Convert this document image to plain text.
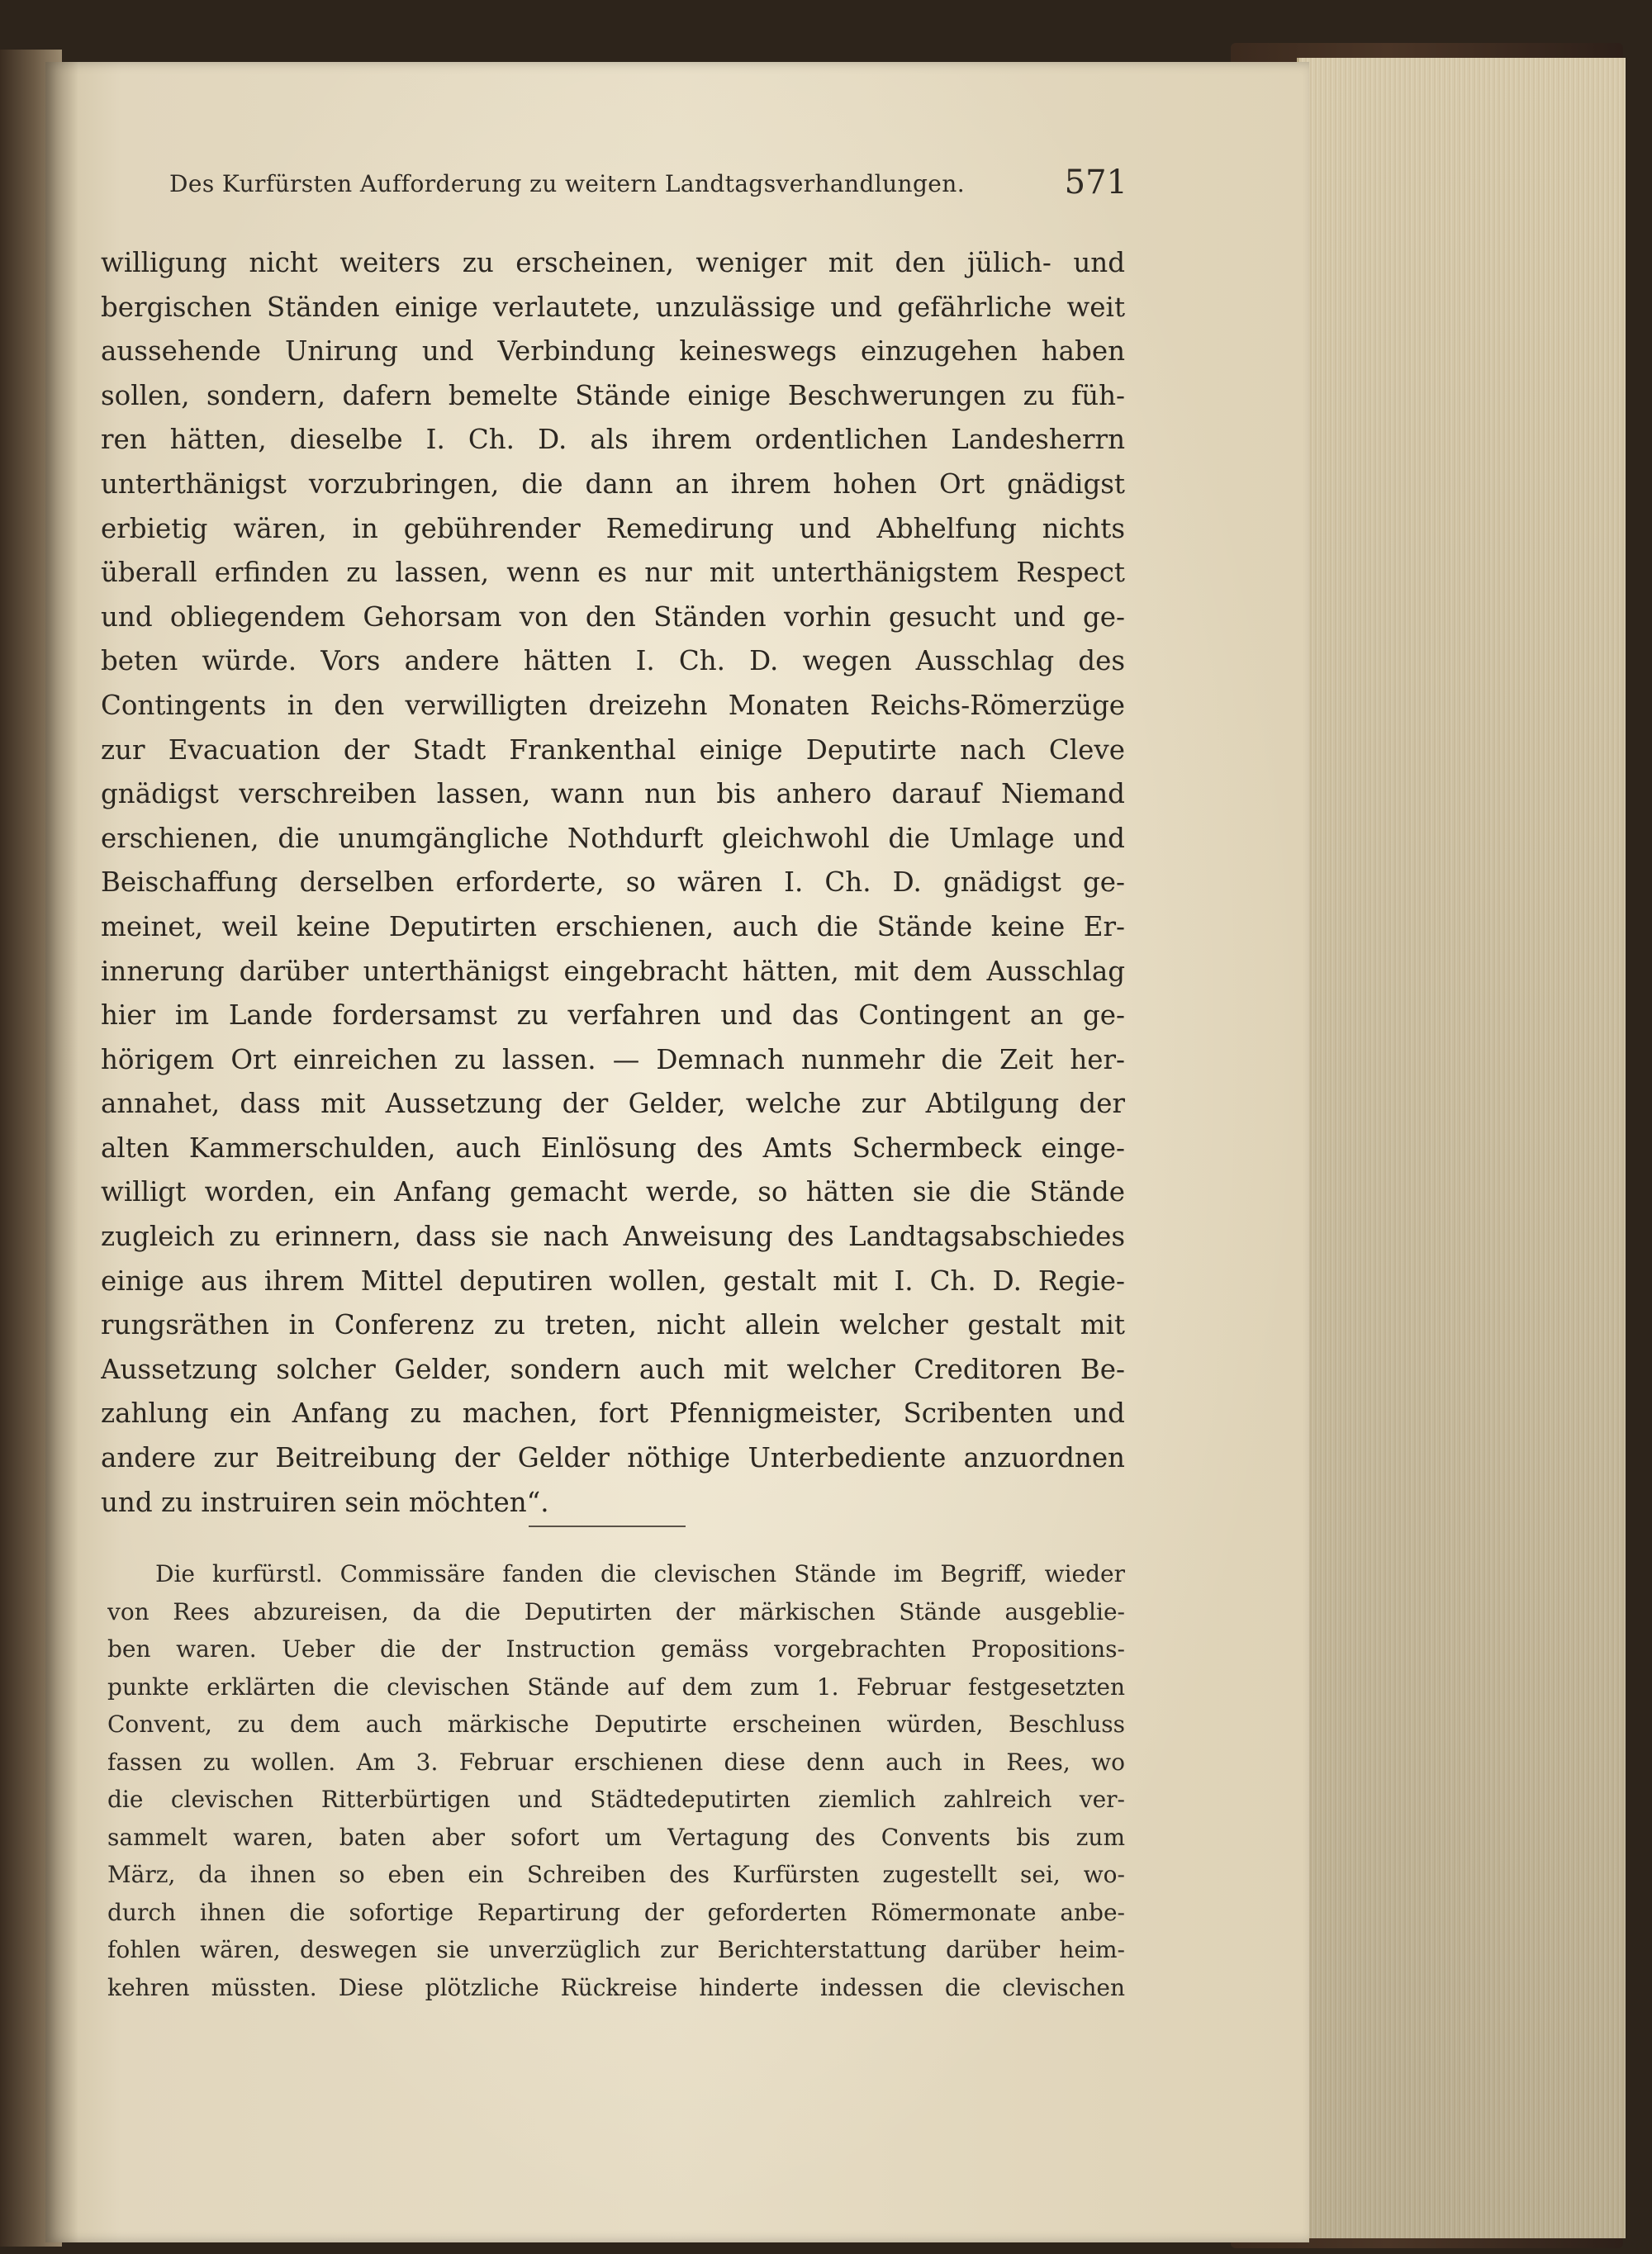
Des Kurfürsten Aufforderung zu weitern Landtagsverhandlungen.	571
willigung nicht weiters zu erscheinen, weniger mit den jülich- und
bergischen Ständen einige verlautete, unzulässige und gefährliche weit
aussehende Unirung und Verbindung keineswegs einzugehen haben
sollen, sondern, dafern bemelte Stände einige Beschwerungen zu füh-
ren hätten, dieselbe I. Ch. D. als ihrem ordentlichen Landesherrn
unterthänigst vorzubringen, die dann an ihrem hohen Ort gnädigst
erbietig wären, in gebührender Remedirung und Abhelfung nichts
überall erfinden zu lassen, wenn es nur mit unterthänigstem Respect
und obliegendem Gehorsam von den Ständen vorhin gesucht und ge-
beten würde. Vors andere hätten I. Ch. D. wegen Ausschlag des
Contingents in den verwilligten dreizehn Monaten Reichs-Römerzüge
zur Evacuation der Stadt Frankenthal einige Deputirte nach Cleve
gnädigst verschreiben lassen, wann nun bis anhero darauf Niemand
erschienen, die unumgängliche Nothdurft gleichwohl die Umlage und
Beischaffung derselben erforderte, so wären I. Ch. D. gnädigst ge-
meinet, weil keine Deputirten erschienen, auch die Stände keine Er-
innerung darüber unterthänigst eingebracht hätten, mit dem Ausschlag
hier im Lande fordersamst zu verfahren und das Contingent an ge-
hörigem Ort einreichen zu lassen. — Demnach nunmehr die Zeit her-
annahet, dass mit Aussetzung der Gelder, welche zur Abtilgung der
alten Kammerschulden, auch Einlösung des Amts Schermbeck einge-
willigt worden, ein Anfang gemacht werde, so hätten sie die Stände
zugleich zu erinnern, dass sie nach Anweisung des Landtagsabschiedes
einige aus ihrem Mittel deputiren wollen, gestalt mit I. Ch. D. Regie-
rungsräthen in Conferenz zu treten, nicht allein welcher gestalt mit
Aussetzung solcher Gelder, sondern auch mit welcher Creditoren Be-
zahlung ein Anfang zu machen, fort Pfennigmeister, Scribenten und
andere zur Beitreibung der Gelder nöthige Unterbediente anzuordnen
und zu instruiren sein möchten“.
Die kurfürstl. Commissäre fanden die clevischen Stände im Begriff, wieder
von Rees abzureisen, da die Deputirten der märkischen Stände ausgeblie-
ben waren. Ueber die der Instruction gemäss vorgebrachten Propositions-
punkte erklärten die clevischen Stände auf dem zum 1. Februar festgesetzten
Convent, zu dem auch märkische Deputirte erscheinen würden, Beschluss
fassen zu wollen. Am 3. Februar erschienen diese denn auch in Rees, wo
die clevischen Ritterbürtigen und Städtedeputirten ziemlich zahlreich ver-
sammelt waren, baten aber sofort um Vertagung des Convents bis zum
März, da ihnen so eben ein Schreiben des Kurfürsten zugestellt sei, wo-
durch ihnen die sofortige Repartirung der geforderten Römermonate anbe-
fohlen wären, deswegen sie unverzüglich zur Berichterstattung darüber heim-
kehren müssten. Diese plötzliche Rückreise hinderte indessen die clevischen
